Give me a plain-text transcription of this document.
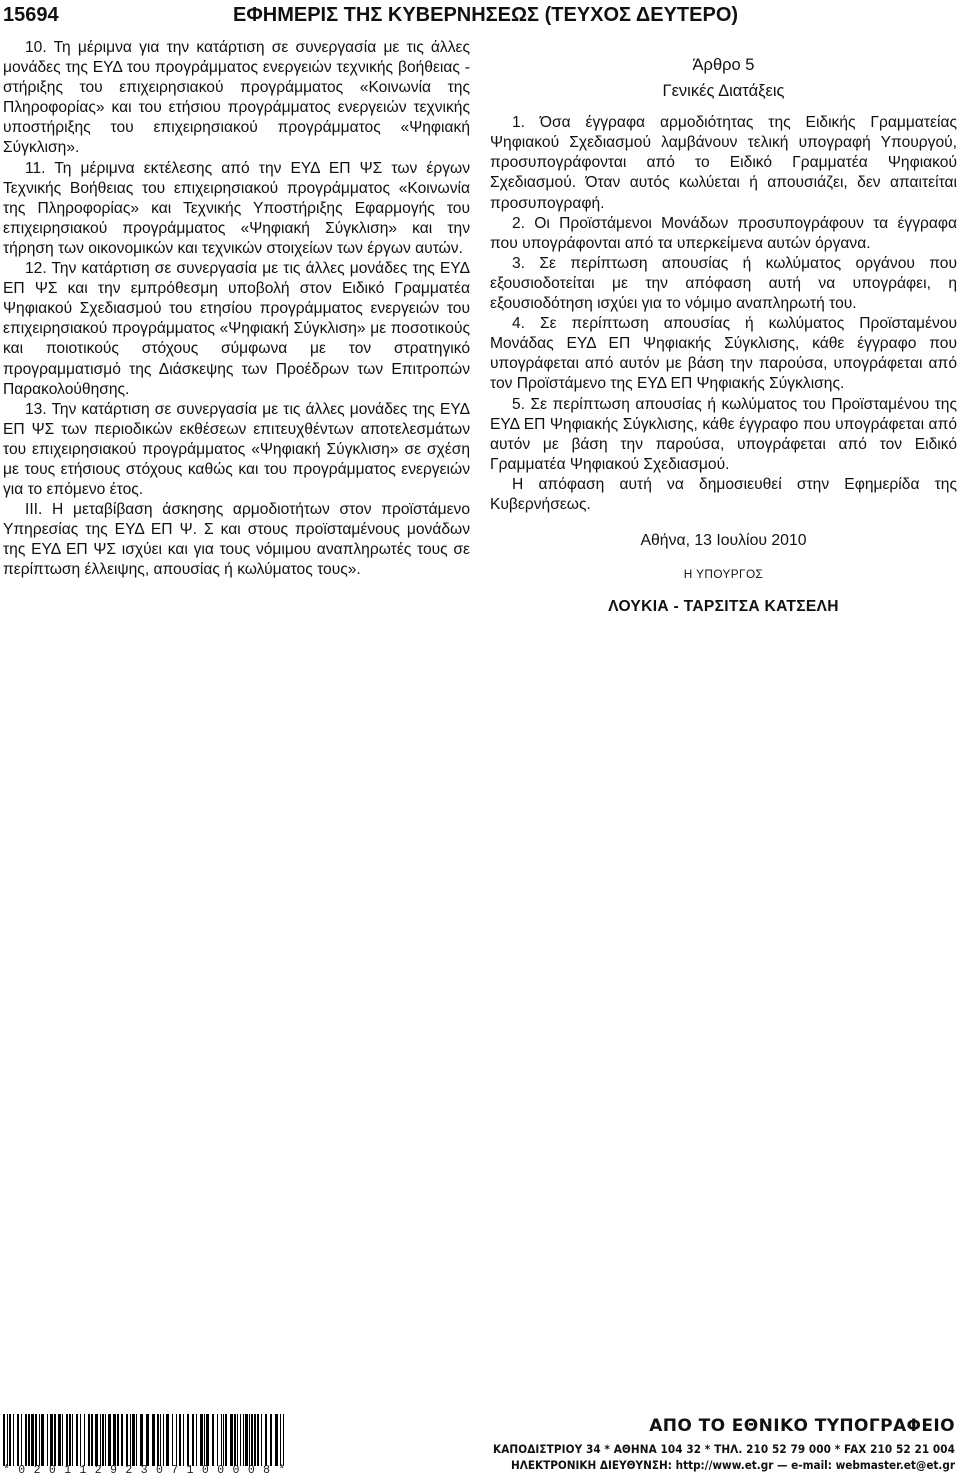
15694	ΕΦΗΜΕΡΙΣ ΤΗΣ ΚΥΒΕΡΝΗΣΕΩΣ (ΤΕΥΧΟΣ ΔΕΥΤΕΡΟ)

10. Τη μέριμνα για την κατάρτιση σε συνεργασία με τις άλλες μονάδες της ΕΥΔ του προγράμματος ενεργειών τεχνικής βοήθειας - στήριξης του επιχειρησιακού προγράμματος «Κοινωνία της Πληροφορίας» και του ετήσιου προγράμματος ενεργειών τεχνικής υποστήριξης του επιχειρησιακού προγράμματος «Ψηφιακή Σύγκλιση».

11. Τη μέριμνα εκτέλεσης από την ΕΥΔ ΕΠ ΨΣ των έργων Τεχνικής Βοήθειας του επιχειρησιακού προγράμματος «Κοινωνία της Πληροφορίας» και Τεχνικής Υποστήριξης Εφαρμογής του επιχειρησιακού προγράμματος «Ψηφιακή Σύγκλιση» και την τήρηση των οικονομικών και τεχνικών στοιχείων των έργων αυτών.

12. Την κατάρτιση σε συνεργασία με τις άλλες μονάδες της ΕΥΔ ΕΠ ΨΣ και την εμπρόθεσμη υποβολή στον Ειδικό Γραμματέα Ψηφιακού Σχεδιασμού του ετησίου προγράμματος ενεργειών του επιχειρησιακού προγράμματος «Ψηφιακή Σύγκλιση» με ποσοτικούς και ποιοτικούς στόχους σύμφωνα με τον στρατηγικό προγραμματισμό της Διάσκεψης των Προέδρων των Επιτροπών Παρακολούθησης.

13. Την κατάρτιση σε συνεργασία με τις άλλες μονάδες της ΕΥΔ ΕΠ ΨΣ των περιοδικών εκθέσεων επιτευχθέντων αποτελεσμάτων του επιχειρησιακού προγράμματος «Ψηφιακή Σύγκλιση» σε σχέση με τους ετήσιους στόχους καθώς και του προγράμματος ενεργειών για το επόμενο έτος.

ΙΙΙ. Η μεταβίβαση άσκησης αρμοδιοτήτων στον προϊστάμενο Υπηρεσίας της ΕΥΔ ΕΠ Ψ. Σ και στους προϊσταμένους μονάδων της ΕΥΔ ΕΠ ΨΣ ισχύει και για τους νόμιμου αναπληρωτές τους σε περίπτωση έλλειψης, απουσίας ή κωλύματος τους».

Άρθρο 5

Γενικές Διατάξεις

1. Όσα έγγραφα αρμοδιότητας της Ειδικής Γραμματείας Ψηφιακού Σχεδιασμού λαμβάνουν τελική υπογραφή Υπουργού, προσυπογράφονται από το Ειδικό Γραμματέα Ψηφιακού Σχεδιασμού. Όταν αυτός κωλύεται ή απουσιάζει, δεν απαιτείται προσυπογραφή.

2. Οι Προϊστάμενοι Μονάδων προσυπογράφουν τα έγγραφα που υπογράφονται από τα υπερκείμενα αυτών όργανα.

3. Σε περίπτωση απουσίας ή κωλύματος οργάνου που εξουσιοδοτείται με την απόφαση αυτή να υπογράφει, η εξουσιοδότηση ισχύει για το νόμιμο αναπληρωτή του.

4. Σε περίπτωση απουσίας ή κωλύματος Προϊσταμένου Μονάδας ΕΥΔ ΕΠ Ψηφιακής Σύγκλισης, κάθε έγγραφο που υπογράφεται από αυτόν με βάση την παρούσα, υπογράφεται από τον Προϊστάμενο της ΕΥΔ ΕΠ Ψηφιακής Σύγκλισης.

5. Σε περίπτωση απουσίας ή κωλύματος του Προϊσταμένου της ΕΥΔ ΕΠ Ψηφιακής Σύγκλισης, κάθε έγγραφο που υπογράφεται από αυτόν με βάση την παρούσα, υπογράφεται από τον Ειδικό Γραμματέα Ψηφιακού Σχεδιασμού.

Η απόφαση αυτή να δημοσιευθεί στην Εφημερίδα της Κυβερνήσεως.

Αθήνα, 13 Ιουλίου 2010

Η ΥΠΟΥΡΓΟΣ

ΛΟΥΚΙΑ - ΤΑΡΣΙΤΣΑ ΚΑΤΣΕΛΗ

*02011292307100008*
ΑΠΟ ΤΟ ΕΘΝΙΚΟ ΤΥΠΟΓΡΑΦΕΙΟ
ΚΑΠΟΔΙΣΤΡΙΟΥ 34 * ΑΘΗΝΑ 104 32 * ΤΗΛ. 210 52 79 000 * FAX 210 52 21 004
ΗΛΕΚΤΡΟΝΙΚΗ ΔΙΕΥΘΥΝΣΗ: http://www.et.gr — e-mail: webmaster.et@et.gr
